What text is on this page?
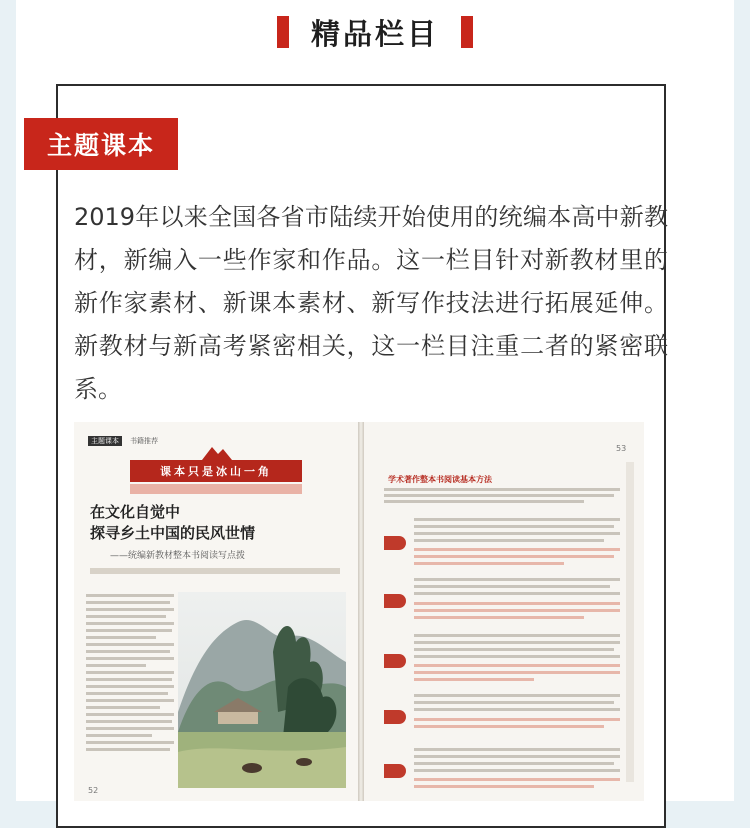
精品栏目
主题课本
2019年以来全国各省市陆续开始使用的统编本高中新教材，新编入一些作家和作品。这一栏目针对新教材里的新作家素材、新课本素材、新写作技法进行拓展延伸。新教材与新高考紧密相关，这一栏目注重二者的紧密联系。
主题课本	书籍推荐
课本只是冰山一角
在文化自觉中
探寻乡土中国的民风世情
——统编新教材整本书阅读写点拨
52
53
学术著作整本书阅读基本方法
